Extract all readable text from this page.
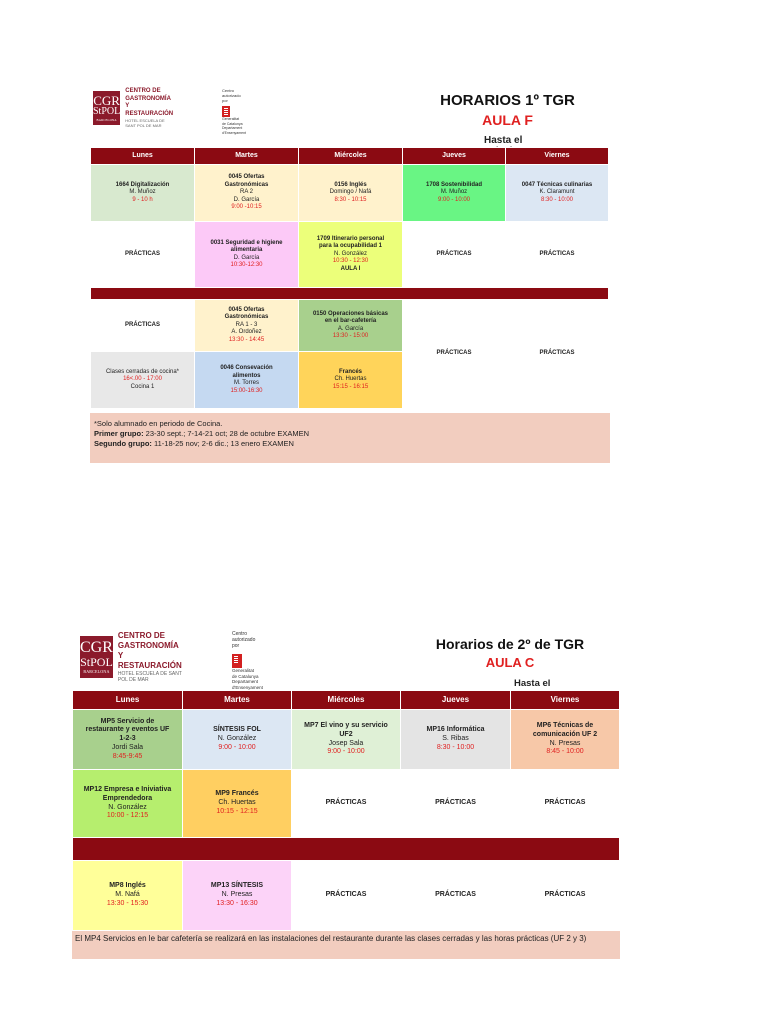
CGR
StPOL
BARCELONA
CENTRO DE GASTRONOMÍA
Y RESTAURACIÓN
HOTEL ESCUELA DE SANT POL DE MAR
Centro
autorizado por

Generalitat
de Catalunya
Departament
d'Ensenyament
HORARIOS 1º TGR
AULA F
Hasta el
Lunes	Martes	Miércoles	Jueves	Viernes

1664 Digitalización
M. Muñoz
9 - 10 h	0045 Ofertas
Gastronómicas
RA 2
D. García
9:00 -10:15	0156 Inglés
Domingo / Nafá
8:30 - 10:15	1708 Sostenibilidad
M. Muñoz
9:00 - 10:00	0047 Técnicas culinarias
K. Claramunt
8:30 - 10:00

PRÁCTICAS	0031 Seguridad e higiene
alimentaria
D. García
10:30-12:30	1709 Itinerario personal
para la ocupabilidad 1
N. González
10:30 - 12:30
AULA I	PRÁCTICAS	PRÁCTICAS

PRÁCTICAS	0045 Ofertas
Gastronómicas
RA 1 - 3
A. Ordoñez
13:30 - 14:45	0150 Operaciones básicas
en el bar-cafetería
A. García
13:30 - 15:00	PRÁCTICAS	PRÁCTICAS

Clases cerradas de cocina*
16<.00 - 17:00
Cocina 1	0046 Consevación
alimentos
M. Torres
15:00-16:30	Francés
Ch. Huertas
15:15 - 16:15		
*Solo alumnado en periodo de Cocina.
Primer grupo: 23-30 sept.; 7-14-21 oct; 28 de octubre EXAMEN
Segundo grupo: 11-18-25 nov; 2-6 dic.; 13 enero EXAMEN
CGR
StPOL
BARCELONA
CENTRO DE GASTRONOMÍA
Y RESTAURACIÓN
HOTEL ESCUELA DE SANT POL DE MAR
Centro
autorizado por

Generalitat
de Catalunya
Departament
d'Ensenyament
Horarios de 2º de TGR
AULA C
Hasta el
Lunes	Martes	Miércoles	Jueves	Viernes

MP5 Servicio de
restaurante y eventos UF
1-2-3
Jordi Sala
8:45-9:45	SÍNTESIS FOL
N. González
9:00 - 10:00	MP7 El vino y su servicio
UF2
Josep Sala
9:00 - 10:00	MP16 Informática
S. Ribas
8:30 - 10:00	MP6 Técnicas de
comunicación UF 2
N. Presas
8:45 - 10:00

MP12 Empresa e Iniviativa
Emprendedora
N. González
10:00 - 12:15	MP9 Francés
Ch. Huertas
10:15 - 12:15	PRÁCTICAS	PRÁCTICAS	PRÁCTICAS

MP8 Inglés
M. Nafá
13:30 - 15:30	MP13 SÍNTESIS
N. Presas
13:30 - 16:30	PRÁCTICAS	PRÁCTICAS	PRÁCTICAS
El MP4 Servicios en le bar cafetería se realizará en las instalaciones del restaurante durante las clases cerradas y las horas prácticas (UF 2 y 3)
